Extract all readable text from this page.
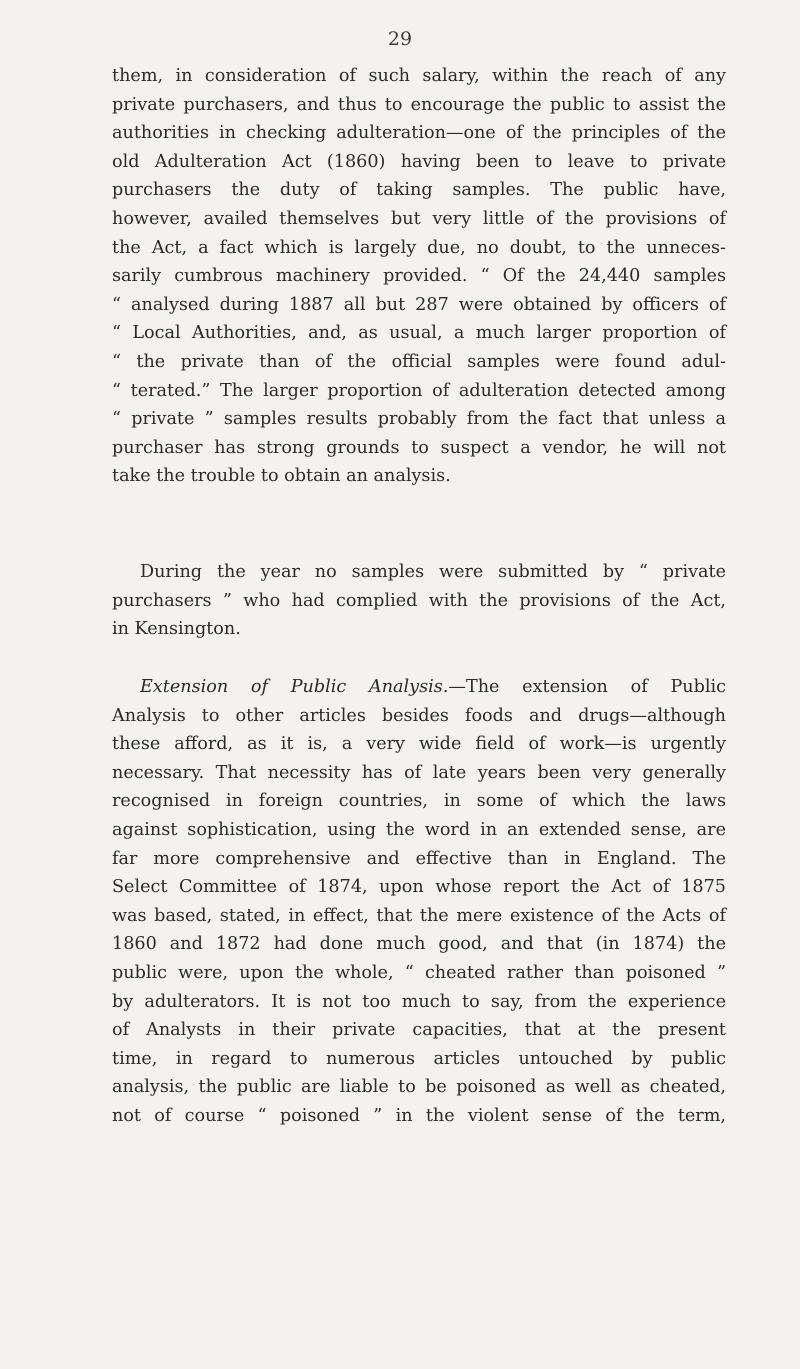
29
them, in consideration of such salary, within the reach of any
private purchasers, and thus to encourage the public to assist the
authorities in checking adulteration—one of the principles of the
old Adulteration Act (1860) having been to leave to private
purchasers the duty of taking samples. The public have,
however, availed themselves but very little of the provisions of
the Act, a fact which is largely due, no doubt, to the unneces-
sarily cumbrous machinery provided. “ Of the 24,440 samples
“ analysed during 1887 all but 287 were obtained by officers of
“ Local Authorities, and, as usual, a much larger proportion of
“ the private than of the official samples were found adul-
“ terated.” The larger proportion of adulteration detected among
“ private ” samples results probably from the fact that unless a
purchaser has strong grounds to suspect a vendor, he will not
take the trouble to obtain an analysis.
During the year no samples were submitted by “ private
purchasers ” who had complied with the provisions of the Act,
in Kensington.
Extension of Public Analysis.—The extension of Public
Analysis to other articles besides foods and drugs—although
these afford, as it is, a very wide field of work—is urgently
necessary. That necessity has of late years been very generally
recognised in foreign countries, in some of which the laws
against sophistication, using the word in an extended sense, are
far more comprehensive and effective than in England. The
Select Committee of 1874, upon whose report the Act of 1875
was based, stated, in effect, that the mere existence of the Acts of
1860 and 1872 had done much good, and that (in 1874) the
public were, upon the whole, “ cheated rather than poisoned ”
by adulterators. It is not too much to say, from the experience
of Analysts in their private capacities, that at the present
time, in regard to numerous articles untouched by public
analysis, the public are liable to be poisoned as well as cheated,
not of course “ poisoned ” in the violent sense of the term,
